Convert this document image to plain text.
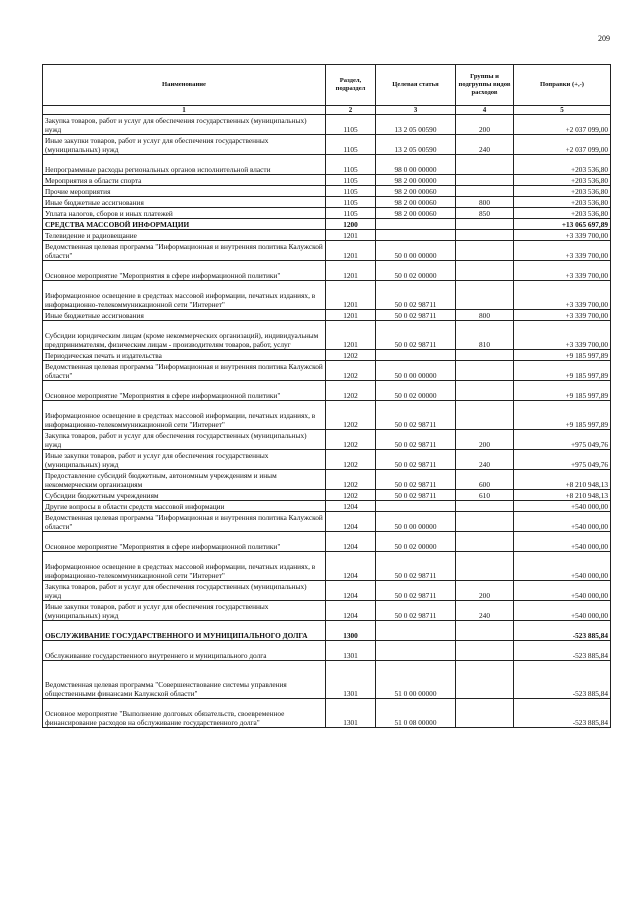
209
Наименование	Раздел, подраздел	Целевая статья	Группы и подгруппы видов расходов	Поправки (+,-)
1	2	3	4	5
Закупка товаров, работ и услуг для обеспечения государственных (муниципальных) нужд	1105	13 2 05 00590	200	+2 037 099,00
Иные закупки товаров, работ и услуг для обеспечения государственных (муниципальных) нужд	1105	13 2 05 00590	240	+2 037 099,00
Непрограммные расходы региональных органов исполнительной власти	1105	98 0 00 00000		+203 536,80
Мероприятия в области спорта	1105	98 2 00 00000		+203 536,80
Прочие мероприятия	1105	98 2 00 00060		+203 536,80
Иные бюджетные ассигнования	1105	98 2 00 00060	800	+203 536,80
Уплата налогов, сборов и иных платежей	1105	98 2 00 00060	850	+203 536,80
СРЕДСТВА МАССОВОЙ ИНФОРМАЦИИ	1200			+13 065 697,89
Телевидение и радиовещание	1201			+3 339 700,00
Ведомственная целевая программа "Информационная и внутренняя политика Калужской области"	1201	50 0 00 00000		+3 339 700,00
Основное мероприятие "Мероприятия в сфере информационной политики"	1201	50 0 02 00000		+3 339 700,00
Информационное освещение в средствах массовой информации, печатных изданиях, в информационно-телекоммуникационной сети "Интернет"	1201	50 0 02 98711		+3 339 700,00
Иные бюджетные ассигнования	1201	50 0 02 98711	800	+3 339 700,00
Субсидии юридическим лицам (кроме некоммерческих организаций), индивидуальным предпринимателям, физическим лицам - производителям товаров, работ, услуг	1201	50 0 02 98711	810	+3 339 700,00
Периодическая печать и издательства	1202			+9 185 997,89
Ведомственная целевая программа "Информационная и внутренняя политика Калужской области"	1202	50 0 00 00000		+9 185 997,89
Основное мероприятие "Мероприятия в сфере информационной политики"	1202	50 0 02 00000		+9 185 997,89
Информационное освещение в средствах массовой информации, печатных изданиях, в информационно-телекоммуникационной сети "Интернет"	1202	50 0 02 98711		+9 185 997,89
Закупка товаров, работ и услуг для обеспечения государственных (муниципальных) нужд	1202	50 0 02 98711	200	+975 049,76
Иные закупки товаров, работ и услуг для обеспечения государственных (муниципальных) нужд	1202	50 0 02 98711	240	+975 049,76
Предоставление субсидий бюджетным, автономным учреждениям и иным некоммерческим организациям	1202	50 0 02 98711	600	+8 210 948,13
Субсидии бюджетным учреждениям	1202	50 0 02 98711	610	+8 210 948,13
Другие вопросы в области средств массовой информации	1204			+540 000,00
Ведомственная целевая программа "Информационная и внутренняя политика Калужской области"	1204	50 0 00 00000		+540 000,00
Основное мероприятие "Мероприятия в сфере информационной политики"	1204	50 0 02 00000		+540 000,00
Информационное освещение в средствах массовой информации, печатных изданиях, в информационно-телекоммуникационной сети "Интернет"	1204	50 0 02 98711		+540 000,00
Закупка товаров, работ и услуг для обеспечения государственных (муниципальных) нужд	1204	50 0 02 98711	200	+540 000,00
Иные закупки товаров, работ и услуг для обеспечения государственных (муниципальных) нужд	1204	50 0 02 98711	240	+540 000,00
ОБСЛУЖИВАНИЕ ГОСУДАРСТВЕННОГО И МУНИЦИПАЛЬНОГО ДОЛГА	1300			-523 885,84
Обслуживание государственного внутреннего и муниципального долга	1301			-523 885,84
Ведомственная целевая программа "Совершенствование системы управления общественными финансами Калужской области"	1301	51 0 00 00000		-523 885,84
Основное мероприятие "Выполнение долговых обязательств, своевременное финансирование расходов на обслуживание государственного долга"	1301	51 0 08 00000		-523 885,84
